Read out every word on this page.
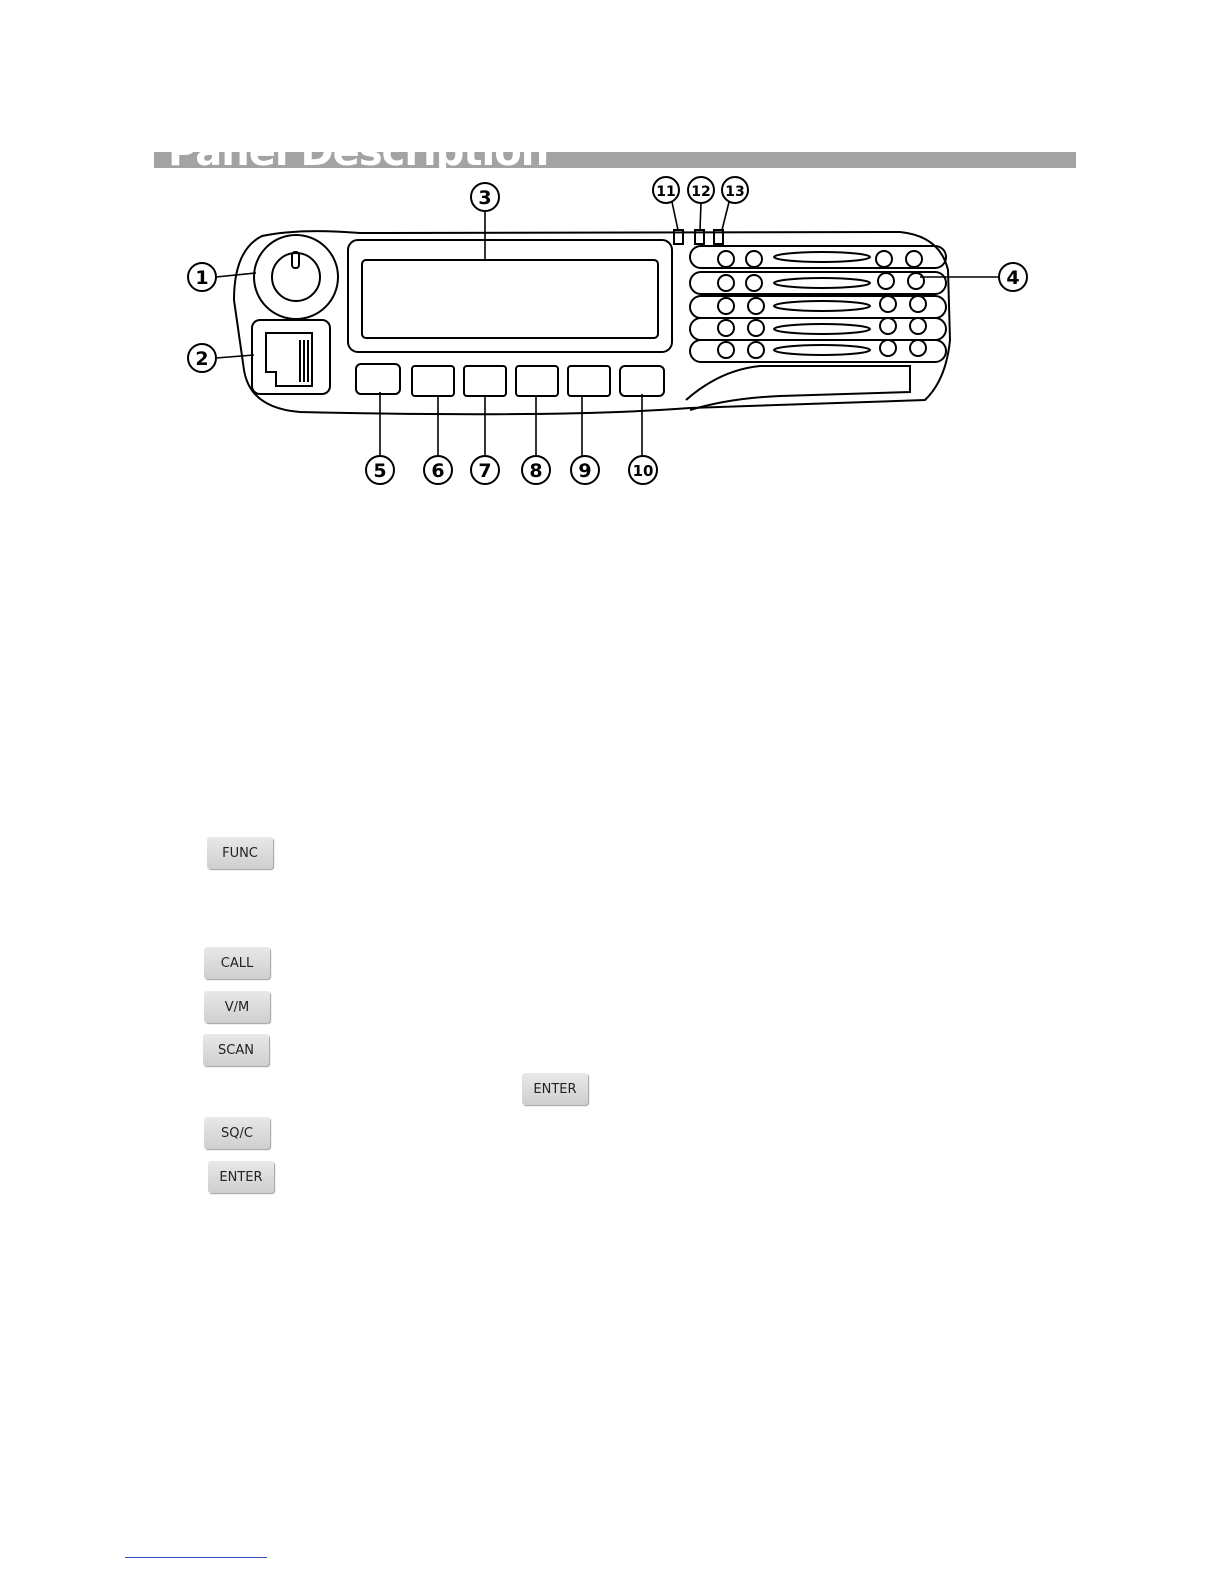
Panel Description
1
2
3
4
5 6 7 8 9	10
11 12 13
FUNC
CALL
V/M
SCAN
ENTER
SQ/C
ENTER
